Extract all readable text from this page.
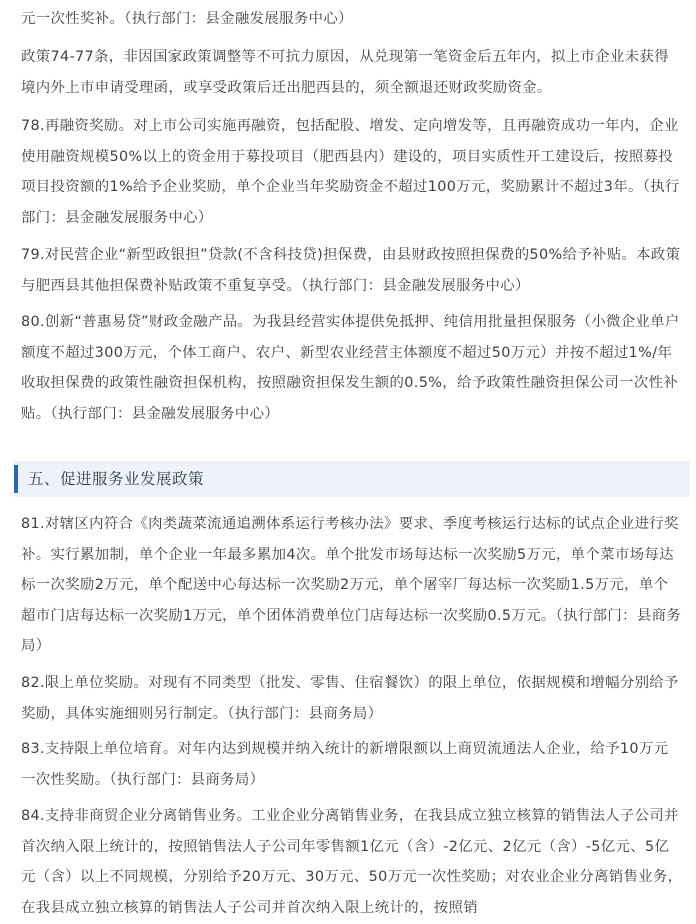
元一次性奖补。（执行部门：县金融发展服务中心）

政策74-77条，非因国家政策调整等不可抗力原因，从兑现第一笔资金后五年内，拟上市企业未获得境内外上市申请受理函，或享受政策后迁出肥西县的，须全额退还财政奖励资金。

78.再融资奖励。对上市公司实施再融资，包括配股、增发、定向增发等，且再融资成功一年内，企业使用融资规模50%以上的资金用于募投项目（肥西县内）建设的，项目实质性开工建设后，按照募投项目投资额的1%给予企业奖励，单个企业当年奖励资金不超过100万元，奖励累计不超过3年。（执行部门：县金融发展服务中心）

79.对民营企业“新型政银担”贷款(不含科技贷)担保费，由县财政按照担保费的50%给予补贴。本政策与肥西县其他担保费补贴政策不重复享受。（执行部门：县金融发展服务中心）

80.创新“普惠易贷”财政金融产品。为我县经营实体提供免抵押、纯信用批量担保服务（小微企业单户额度不超过300万元，个体工商户、农户、新型农业经营主体额度不超过50万元）并按不超过1%/年收取担保费的政策性融资担保机构，按照融资担保发生额的0.5%，给予政策性融资担保公司一次性补贴。（执行部门：县金融发展服务中心）

五、促进服务业发展政策

81.对辖区内符合《肉类蔬菜流通追溯体系运行考核办法》要求、季度考核运行达标的试点企业进行奖补。实行累加制，单个企业一年最多累加4次。单个批发市场每达标一次奖励5万元，单个菜市场每达标一次奖励2万元，单个配送中心每达标一次奖励2万元，单个屠宰厂每达标一次奖励1.5万元，单个超市门店每达标一次奖励1万元，单个团体消费单位门店每达标一次奖励0.5万元。（执行部门：县商务局）

82.限上单位奖励。对现有不同类型（批发、零售、住宿餐饮）的限上单位，依据规模和增幅分别给予奖励，具体实施细则另行制定。（执行部门：县商务局）

83.支持限上单位培育。对年内达到规模并纳入统计的新增限额以上商贸流通法人企业，给予10万元一次性奖励。（执行部门：县商务局）

84.支持非商贸企业分离销售业务。工业企业分离销售业务，在我县成立独立核算的销售法人子公司并首次纳入限上统计的，按照销售法人子公司年零售额1亿元（含）-2亿元、2亿元（含）-5亿元、5亿元（含）以上不同规模，分别给予20万元、30万元、50万元一次性奖励；对农业企业分离销售业务，在我县成立独立核算的销售法人子公司并首次纳入限上统计的，按照销
